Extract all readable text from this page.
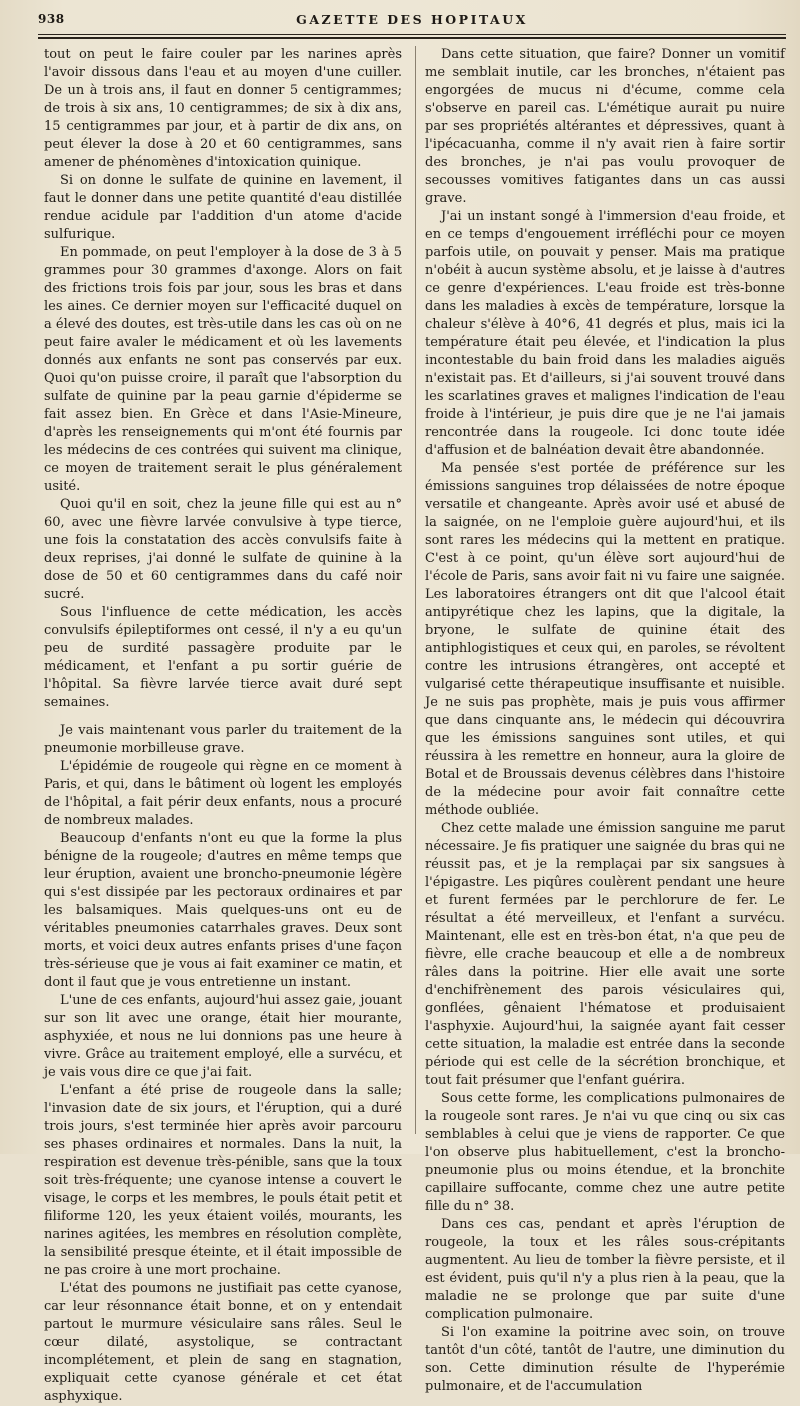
938	GAZETTE DES HOPITAUX

tout on peut le faire couler par les narines après l'avoir dissous dans l'eau et au moyen d'une cuiller. De un à trois ans, il faut en donner 5 centigrammes; de trois à six ans, 10 centigrammes; de six à dix ans, 15 centigrammes par jour, et à partir de dix ans, on peut élever la dose à 20 et 60 centigrammes, sans amener de phénomènes d'intoxication quinique.

Si on donne le sulfate de quinine en lavement, il faut le donner dans une petite quantité d'eau distillée rendue acidule par l'addition d'un atome d'acide sulfurique.

En pommade, on peut l'employer à la dose de 3 à 5 grammes pour 30 grammes d'axonge. Alors on fait des frictions trois fois par jour, sous les bras et dans les aines. Ce dernier moyen sur l'efficacité duquel on a élevé des doutes, est très-utile dans les cas où on ne peut faire avaler le médicament et où les lavements donnés aux enfants ne sont pas conservés par eux. Quoi qu'on puisse croire, il paraît que l'absorption du sulfate de quinine par la peau garnie d'épiderme se fait assez bien. En Grèce et dans l'Asie-Mineure, d'après les renseignements qui m'ont été fournis par les médecins de ces contrées qui suivent ma clinique, ce moyen de traitement serait le plus généralement usité.

Quoi qu'il en soit, chez la jeune fille qui est au n° 60, avec une fièvre larvée convulsive à type tierce, une fois la constatation des accès convulsifs faite à deux reprises, j'ai donné le sulfate de quinine à la dose de 50 et 60 centigrammes dans du café noir sucré.

Sous l'influence de cette médication, les accès convulsifs épileptiformes ont cessé, il n'y a eu qu'un peu de surdité passagère produite par le médicament, et l'enfant a pu sortir guérie de l'hôpital. Sa fièvre larvée tierce avait duré sept semaines.

Je vais maintenant vous parler du traitement de la pneumonie morbilleuse grave.

L'épidémie de rougeole qui règne en ce moment à Paris, et qui, dans le bâtiment où logent les employés de l'hôpital, a fait périr deux enfants, nous a procuré de nombreux malades.

Beaucoup d'enfants n'ont eu que la forme la plus bénigne de la rougeole; d'autres en même temps que leur éruption, avaient une broncho-pneumonie légère qui s'est dissipée par les pectoraux ordinaires et par les balsamiques. Mais quelques-uns ont eu de véritables pneumonies catarrhales graves. Deux sont morts, et voici deux autres enfants prises d'une façon très-sérieuse que je vous ai fait examiner ce matin, et dont il faut que je vous entretienne un instant.

L'une de ces enfants, aujourd'hui assez gaie, jouant sur son lit avec une orange, était hier mourante, asphyxiée, et nous ne lui donnions pas une heure à vivre. Grâce au traitement employé, elle a survécu, et je vais vous dire ce que j'ai fait.

L'enfant a été prise de rougeole dans la salle; l'invasion date de six jours, et l'éruption, qui a duré trois jours, s'est terminée hier après avoir parcouru ses phases ordinaires et normales. Dans la nuit, la respiration est devenue très-pénible, sans que la toux soit très-fréquente; une cyanose intense a couvert le visage, le corps et les membres, le pouls était petit et filiforme 120, les yeux étaient voilés, mourants, les narines agitées, les membres en résolution complète, la sensibilité presque éteinte, et il était impossible de ne pas croire à une mort prochaine.

L'état des poumons ne justifiait pas cette cyanose, car leur résonnance était bonne, et on y entendait partout le murmure vésiculaire sans râles. Seul le cœur dilaté, asystolique, se contractant incomplétement, et plein de sang en stagnation, expliquait cette cyanose générale et cet état asphyxique.

Dans cette situation, que faire? Donner un vomitif me semblait inutile, car les bronches, n'étaient pas engorgées de mucus ni d'écume, comme cela s'observe en pareil cas. L'émétique aurait pu nuire par ses propriétés altérantes et dépressives, quant à l'ipécacuanha, comme il n'y avait rien à faire sortir des bronches, je n'ai pas voulu provoquer de secousses vomitives fatigantes dans un cas aussi grave.

J'ai un instant songé à l'immersion d'eau froide, et en ce temps d'engouement irréfléchi pour ce moyen parfois utile, on pouvait y penser. Mais ma pratique n'obéit à aucun système absolu, et je laisse à d'autres ce genre d'expériences. L'eau froide est très-bonne dans les maladies à excès de température, lorsque la chaleur s'élève à 40°6, 41 degrés et plus, mais ici la température était peu élevée, et l'indication la plus incontestable du bain froid dans les maladies aiguës n'existait pas. Et d'ailleurs, si j'ai souvent trouvé dans les scarlatines graves et malignes l'indication de l'eau froide à l'intérieur, je puis dire que je ne l'ai jamais rencontrée dans la rougeole. Ici donc toute idée d'affusion et de balnéation devait être abandonnée.

Ma pensée s'est portée de préférence sur les émissions sanguines trop délaissées de notre époque versatile et changeante. Après avoir usé et abusé de la saignée, on ne l'emploie guère aujourd'hui, et ils sont rares les médecins qui la mettent en pratique. C'est à ce point, qu'un élève sort aujourd'hui de l'école de Paris, sans avoir fait ni vu faire une saignée. Les laboratoires étrangers ont dit que l'alcool était antipyrétique chez les lapins, que la digitale, la bryone, le sulfate de quinine était des antiphlogistiques et ceux qui, en paroles, se révoltent contre les intrusions étrangères, ont accepté et vulgarisé cette thérapeutique insuffisante et nuisible. Je ne suis pas prophète, mais je puis vous affirmer que dans cinquante ans, le médecin qui découvrira que les émissions sanguines sont utiles, et qui réussira à les remettre en honneur, aura la gloire de Botal et de Broussais devenus célèbres dans l'histoire de la médecine pour avoir fait connaître cette méthode oubliée.

Chez cette malade une émission sanguine me parut nécessaire. Je fis pratiquer une saignée du bras qui ne réussit pas, et je la remplaçai par six sangsues à l'épigastre. Les piqûres coulèrent pendant une heure et furent fermées par le perchlorure de fer. Le résultat a été merveilleux, et l'enfant a survécu. Maintenant, elle est en très-bon état, n'a que peu de fièvre, elle crache beaucoup et elle a de nombreux râles dans la poitrine. Hier elle avait une sorte d'enchifrènement des parois vésiculaires qui, gonflées, gênaient l'hématose et produisaient l'asphyxie. Aujourd'hui, la saignée ayant fait cesser cette situation, la maladie est entrée dans la seconde période qui est celle de la sécrétion bronchique, et tout fait présumer que l'enfant guérira.

Sous cette forme, les complications pulmonaires de la rougeole sont rares. Je n'ai vu que cinq ou six cas semblables à celui que je viens de rapporter. Ce que l'on observe plus habituellement, c'est la broncho-pneumonie plus ou moins étendue, et la bronchite capillaire suffocante, comme chez une autre petite fille du n° 38.

Dans ces cas, pendant et après l'éruption de rougeole, la toux et les râles sous-crépitants augmentent. Au lieu de tomber la fièvre persiste, et il est évident, puis qu'il n'y a plus rien à la peau, que la maladie ne se prolonge que par suite d'une complication pulmonaire.

Si l'on examine la poitrine avec soin, on trouve tantôt d'un côté, tantôt de l'autre, une diminution du son. Cette diminution résulte de l'hyperémie pulmonaire, et de l'accumulation
